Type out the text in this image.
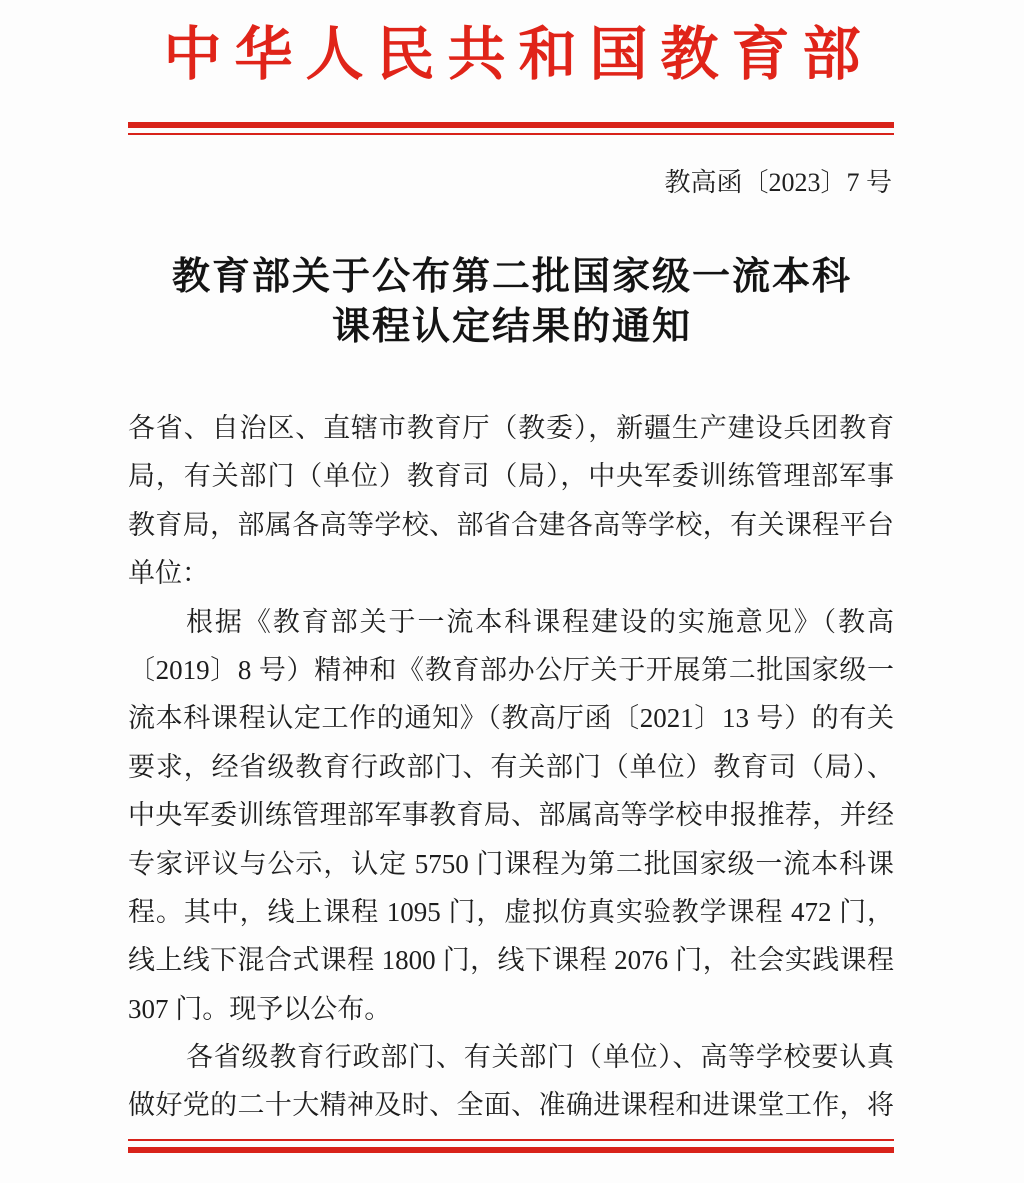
中华人民共和国教育部
教高函〔2023〕7 号
教育部关于公布第二批国家级一流本科
课程认定结果的通知
各省、自治区、直辖市教育厅（教委），新疆生产建设兵团教育
局，有关部门（单位）教育司（局），中央军委训练管理部军事
教育局，部属各高等学校、部省合建各高等学校，有关课程平台
单位：
根据《教育部关于一流本科课程建设的实施意见》（教高
〔2019〕8 号）精神和《教育部办公厅关于开展第二批国家级一
流本科课程认定工作的通知》（教高厅函〔2021〕13 号）的有关
要求，经省级教育行政部门、有关部门（单位）教育司（局）、
中央军委训练管理部军事教育局、部属高等学校申报推荐，并经
专家评议与公示，认定 5750 门课程为第二批国家级一流本科课
程。其中，线上课程 1095 门，虚拟仿真实验教学课程 472 门，
线上线下混合式课程 1800 门，线下课程 2076 门，社会实践课程
307 门。现予以公布。
各省级教育行政部门、有关部门（单位）、高等学校要认真
做好党的二十大精神及时、全面、准确进课程和进课堂工作，将
